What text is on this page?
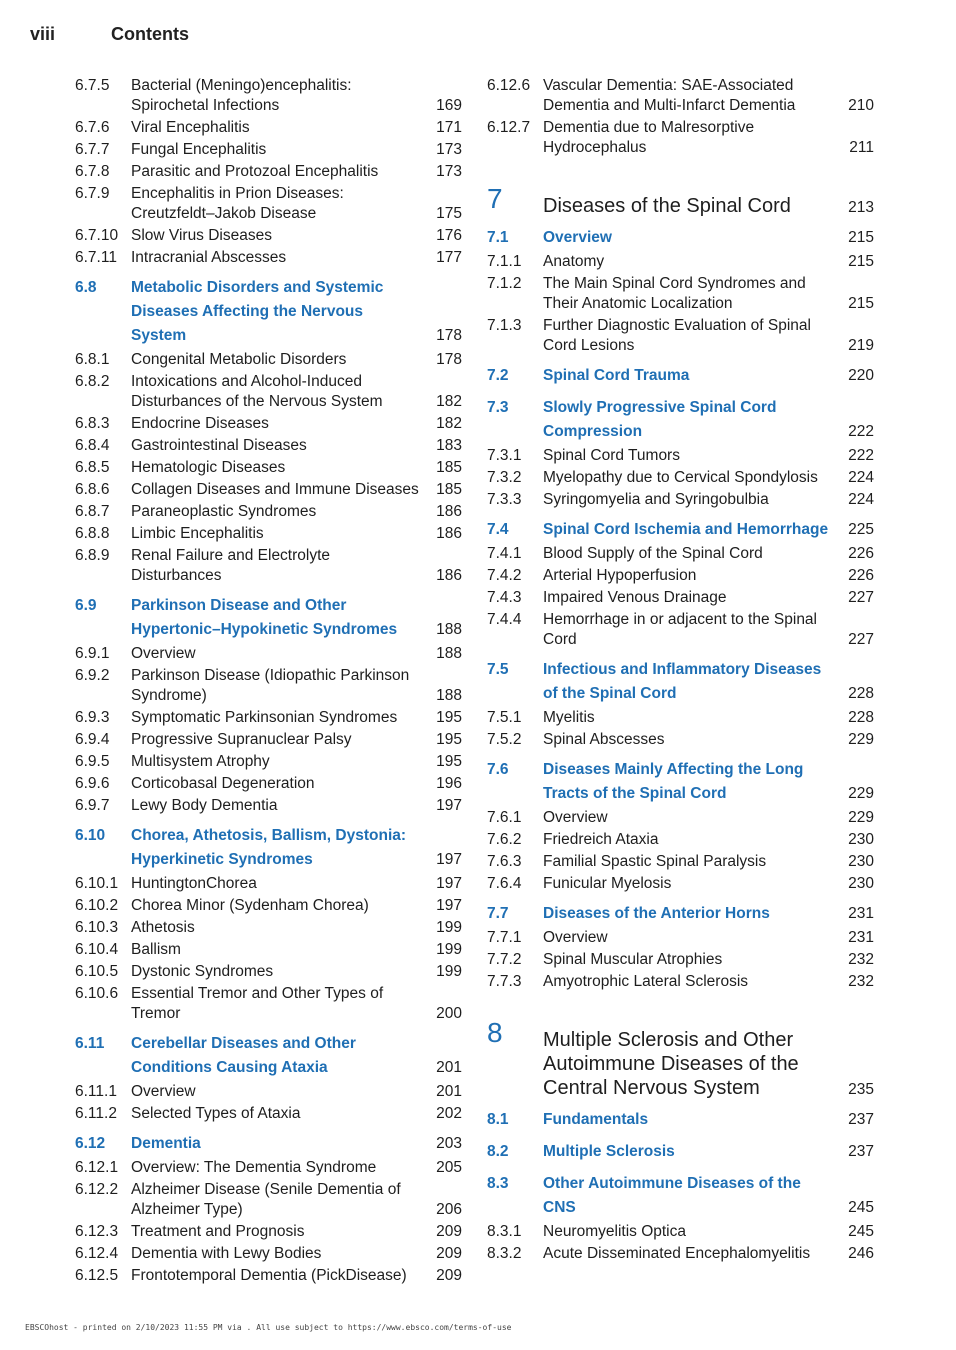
viii	Contents
6.7.5 Bacterial (Meningo)encephalitis: Spirochetal Infections	169
6.7.6 Viral Encephalitis	171
6.7.7 Fungal Encephalitis	173
6.7.8 Parasitic and Protozoal Encephalitis	173
6.7.9 Encephalitis in Prion Diseases: Creutzfeldt–Jakob Disease	175
6.7.10 Slow Virus Diseases	176
6.7.11 Intracranial Abscesses	177
6.8 Metabolic Disorders and Systemic Diseases Affecting the Nervous System	178
6.8.1 Congenital Metabolic Disorders	178
6.8.2 Intoxications and Alcohol-Induced Disturbances of the Nervous System	182
6.8.3 Endocrine Diseases	182
6.8.4 Gastrointestinal Diseases	183
6.8.5 Hematologic Diseases	185
6.8.6 Collagen Diseases and Immune Diseases 185
6.8.7 Paraneoplastic Syndromes	186
6.8.8 Limbic Encephalitis	186
6.8.9 Renal Failure and Electrolyte Disturbances	186
6.9 Parkinson Disease and Other Hypertonic–Hypokinetic Syndromes	188
6.9.1 Overview	188
6.9.2 Parkinson Disease (Idiopathic Parkinson Syndrome)	188
6.9.3 Symptomatic Parkinsonian Syndromes	195
6.9.4 Progressive Supranuclear Palsy	195
6.9.5 Multisystem Atrophy	195
6.9.6 Corticobasal Degeneration	196
6.9.7 Lewy Body Dementia	197
6.10 Chorea, Athetosis, Ballism, Dystonia: Hyperkinetic Syndromes	197
6.10.1 HuntingtonChorea	197
6.10.2 Chorea Minor (Sydenham Chorea)	197
6.10.3 Athetosis	199
6.10.4 Ballism	199
6.10.5 Dystonic Syndromes	199
6.10.6 Essential Tremor and Other Types of Tremor	200
6.11 Cerebellar Diseases and Other Conditions Causing Ataxia	201
6.11.1 Overview	201
6.11.2 Selected Types of Ataxia	202
6.12 Dementia	203
6.12.1 Overview: The Dementia Syndrome	205
6.12.2 Alzheimer Disease (Senile Dementia of Alzheimer Type)	206
6.12.3 Treatment and Prognosis	209
6.12.4 Dementia with Lewy Bodies	209
6.12.5 Frontotemporal Dementia (PickDisease)	209
6.12.6 Vascular Dementia: SAE-Associated Dementia and Multi-Infarct Dementia	210
6.12.7 Dementia due to Malresorptive Hydrocephalus	211
7 Diseases of the Spinal Cord	213
7.1 Overview	215
7.1.1 Anatomy	215
7.1.2 The Main Spinal Cord Syndromes and Their Anatomic Localization	215
7.1.3 Further Diagnostic Evaluation of Spinal Cord Lesions	219
7.2 Spinal Cord Trauma	220
7.3 Slowly Progressive Spinal Cord Compression	222
7.3.1 Spinal Cord Tumors	222
7.3.2 Myelopathy due to Cervical Spondylosis	224
7.3.3 Syringomyelia and Syringobulbia	224
7.4 Spinal Cord Ischemia and Hemorrhage	225
7.4.1 Blood Supply of the Spinal Cord	226
7.4.2 Arterial Hypoperfusion	226
7.4.3 Impaired Venous Drainage	227
7.4.4 Hemorrhage in or adjacent to the Spinal Cord	227
7.5 Infectious and Inflammatory Diseases of the Spinal Cord	228
7.5.1 Myelitis	228
7.5.2 Spinal Abscesses	229
7.6 Diseases Mainly Affecting the Long Tracts of the Spinal Cord	229
7.6.1 Overview	229
7.6.2 Friedreich Ataxia	230
7.6.3 Familial Spastic Spinal Paralysis	230
7.6.4 Funicular Myelosis	230
7.7 Diseases of the Anterior Horns	231
7.7.1 Overview	231
7.7.2 Spinal Muscular Atrophies	232
7.7.3 Amyotrophic Lateral Sclerosis	232
8 Multiple Sclerosis and Other Autoimmune Diseases of the Central Nervous System	235
8.1 Fundamentals	237
8.2 Multiple Sclerosis	237
8.3 Other Autoimmune Diseases of the CNS	245
8.3.1 Neuromyelitis Optica	245
8.3.2 Acute Disseminated Encephalomyelitis	246
EBSCOhost - printed on 2/10/2023 11:55 PM via . All use subject to https://www.ebsco.com/terms-of-use
